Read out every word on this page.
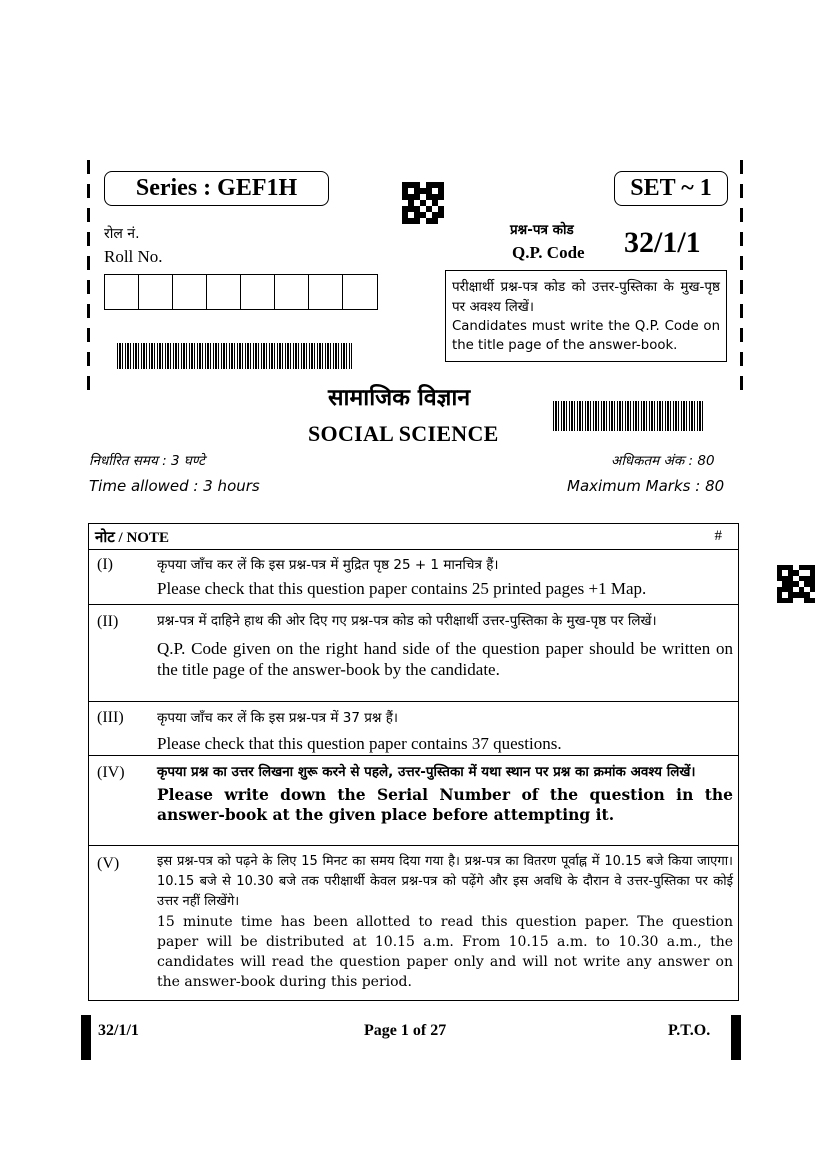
Series : GEF1H	SET ~ 1
रोल नं.
Roll No.
प्रश्न-पत्र कोड
Q.P. Code 32/1/1
परीक्षार्थी प्रश्न-पत्र कोड को उत्तर-पुस्तिका के मुख-पृष्ठ पर अवश्य लिखें।
Candidates must write the Q.P. Code on the title page of the answer-book.
सामाजिक विज्ञान
SOCIAL SCIENCE
निर्धारित समय : 3 घण्टे
Time allowed : 3 hours
अधिकतम अंक : 80
Maximum Marks : 80
नोट / NOTE	#
(I)	कृपया जाँच कर लें कि इस प्रश्न-पत्र में मुद्रित पृष्ठ 25 + 1 मानचित्र हैं।
Please check that this question paper contains 25 printed pages +1 Map.
(II)	प्रश्न-पत्र में दाहिने हाथ की ओर दिए गए प्रश्न-पत्र कोड को परीक्षार्थी उत्तर-पुस्तिका के मुख-पृष्ठ पर लिखें।
Q.P. Code given on the right hand side of the question paper should be written on the title page of the answer-book by the candidate.
(III) कृपया जाँच कर लें कि इस प्रश्न-पत्र में 37 प्रश्न हैं।
Please check that this question paper contains 37 questions.
(IV) कृपया प्रश्न का उत्तर लिखना शुरू करने से पहले, उत्तर-पुस्तिका में यथा स्थान पर प्रश्न का क्रमांक अवश्य लिखें।
Please write down the Serial Number of the question in the answer-book at the given place before attempting it.
(V)	इस प्रश्न-पत्र को पढ़ने के लिए 15 मिनट का समय दिया गया है। प्रश्न-पत्र का वितरण पूर्वाह्न में 10.15 बजे किया जाएगा। 10.15 बजे से 10.30 बजे तक परीक्षार्थी केवल प्रश्न-पत्र को पढ़ेंगे और इस अवधि के दौरान वे उत्तर-पुस्तिका पर कोई उत्तर नहीं लिखेंगे।
15 minute time has been allotted to read this question paper. The question paper will be distributed at 10.15 a.m. From 10.15 a.m. to 10.30 a.m., the candidates will read the question paper only and will not write any answer on the answer-book during this period.
32/1/1	Page 1 of 27	P.T.O.
